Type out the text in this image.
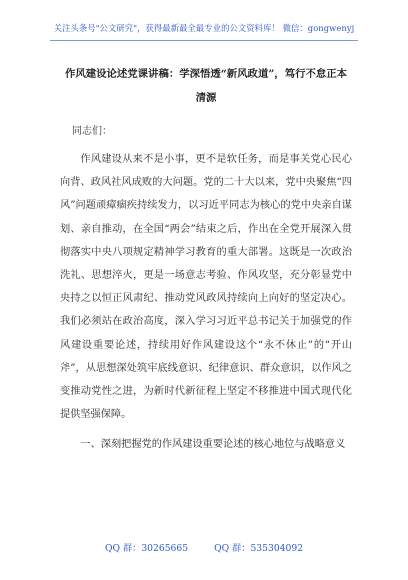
关注头条号"公文研究"，获得最新最全最专业的公文资料库！ 微信：gongwenyj
作风建设论述党课讲稿：学深悟透“新风政道”，笃行不怠正本清源

同志们：

作风建设从来不是小事，更不是软任务，而是事关党心民心向背、政风社风成败的大问题。党的二十大以来，党中央聚焦“四风”问题顽瘴痼疾持续发力，以习近平同志为核心的党中央亲自谋划、亲自推动，在全国“两会”结束之后，作出在全党开展深入贯彻落实中央八项规定精神学习教育的重大部署。这既是一次政治洗礼、思想淬火，更是一场意志考验、作风攻坚，充分彰显党中央持之以恒正风肃纪、推动党风政风持续向上向好的坚定决心。我们必须站在政治高度，深入学习习近平总书记关于加强党的作风建设重要论述，持续用好作风建设这个“永不休止”的“开山斧”，从思想深处筑牢底线意识、纪律意识、群众意识，以作风之变推动党性之进，为新时代新征程上坚定不移推进中国式现代化提供坚强保障。

一、深刻把握党的作风建设重要论述的核心地位与战略意义

QQ 群：30265665	QQ 群：535304092
